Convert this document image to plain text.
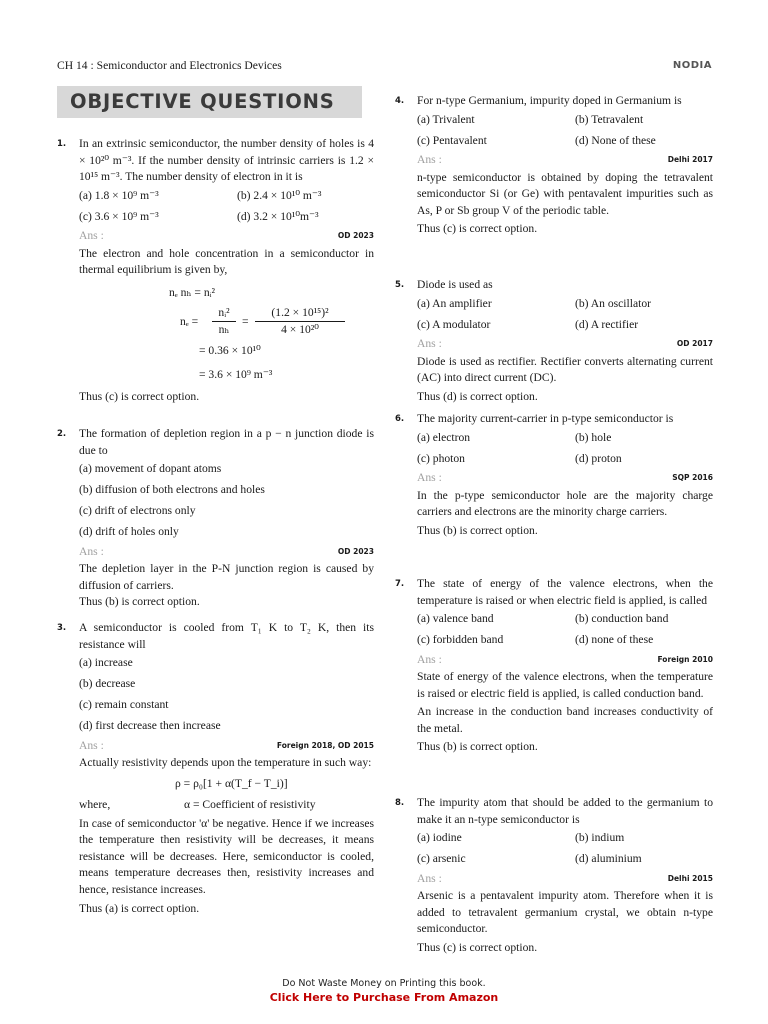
CH 14 : Semiconductor and Electronics Devices	NODIA
OBJECTIVE QUESTIONS
1. In an extrinsic semiconductor, the number density of holes is 4 × 10²⁰ m⁻³. If the number density of intrinsic carriers is 1.2 × 10¹⁵ m⁻³. The number density of electron in it is
(a) 1.8 × 10⁹ m⁻³	(b) 2.4 × 10¹⁰ m⁻³
(c) 3.6 × 10⁹ m⁻³	(d) 3.2 × 10¹⁰m⁻³
Ans :	OD 2023
The electron and hole concentration in a semiconductor in thermal equilibrium is given by,
nₑ nₕ = nᵢ²
$n_e = \frac{\text{nᵢ²}}{\text{nₕ}} = \frac{\text{(1.2 × 10¹⁵)²}}{\text{4 × 10²⁰}}$
= 0.36 × 10¹⁰
= 3.6 × 10⁹ m⁻³
Thus (c) is correct option.
2. The formation of depletion region in a p − n junction diode is due to
(a) movement of dopant atoms
(b) diffusion of both electrons and holes
(c) drift of electrons only
(d) drift of holes only
Ans :	OD 2023
The depletion layer in the P-N junction region is caused by diffusion of carriers.
Thus (b) is correct option.
3. A semiconductor is cooled from T₁ K to T₂ K, then its resistance will
(a) increase
(b) decrease
(c) remain constant
(d) first decrease then increase
Ans :	Foreign 2018, OD 2015
Actually resistivity depends upon the temperature in such way:
ρ = ρ₀[1 + α(T_f − T_i)]
where,	α = Coefficient of resistivity
In case of semiconductor 'α' be negative. Hence if we increases the temperature then resistivity will be decreases, it means resistance will be decreases. Here, semiconductor is cooled, means temperature decreases then, resistivity increases and hence, resistance increases.
Thus (a) is correct option.
4. For n-type Germanium, impurity doped in Germanium is
(a) Trivalent	(b) Tetravalent
(c) Pentavalent	(d) None of these
Ans :	Delhi 2017
n-type semiconductor is obtained by doping the tetravalent semiconductor Si (or Ge) with pentavalent impurities such as As, P or Sb group V of the periodic table.
Thus (c) is correct option.
5. Diode is used as
(a) An amplifier	(b) An oscillator
(c) A modulator	(d) A rectifier
Ans :	OD 2017
Diode is used as rectifier. Rectifier converts alternating current (AC) into direct current (DC).
Thus (d) is correct option.
6. The majority current-carrier in p-type semiconductor is
(a) electron	(b) hole
(c) photon	(d) proton
Ans :	SQP 2016
In the p-type semiconductor hole are the majority charge carriers and electrons are the minority charge carriers.
Thus (b) is correct option.
7. The state of energy of the valence electrons, when the temperature is raised or when electric field is applied, is called
(a) valence band	(b) conduction band
(c) forbidden band	(d) none of these
Ans :	Foreign 2010
State of energy of the valence electrons, when the temperature is raised or electric field is applied, is called conduction band.
An increase in the conduction band increases conductivity of the metal.
Thus (b) is correct option.
8. The impurity atom that should be added to the germanium to make it an n-type semiconductor is
(a) iodine	(b) indium
(c) arsenic	(d) aluminium
Ans :	Delhi 2015
Arsenic is a pentavalent impurity atom. Therefore when it is added to tetravalent germanium crystal, we obtain n-type semiconductor.
Thus (c) is correct option.
Do Not Waste Money on Printing this book.
Click Here to Purchase From Amazon
